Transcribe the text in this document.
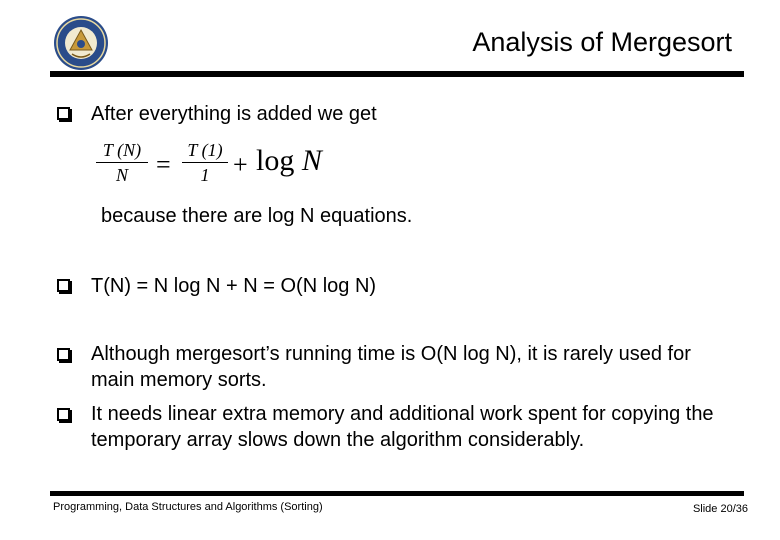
Analysis of Mergesort
After everything is added we get
T (N)
N	= T (1)
1 + log N
because there are log N equations.
T(N) = N log N + N = O(N log N)
Although mergesort’s running time is O(N log N), it is rarely used for main memory sorts.
It needs linear extra memory and additional work spent for copying the temporary array slows down the algorithm considerably.
Programming, Data Structures and Algorithms (Sorting)	Slide 20/36
